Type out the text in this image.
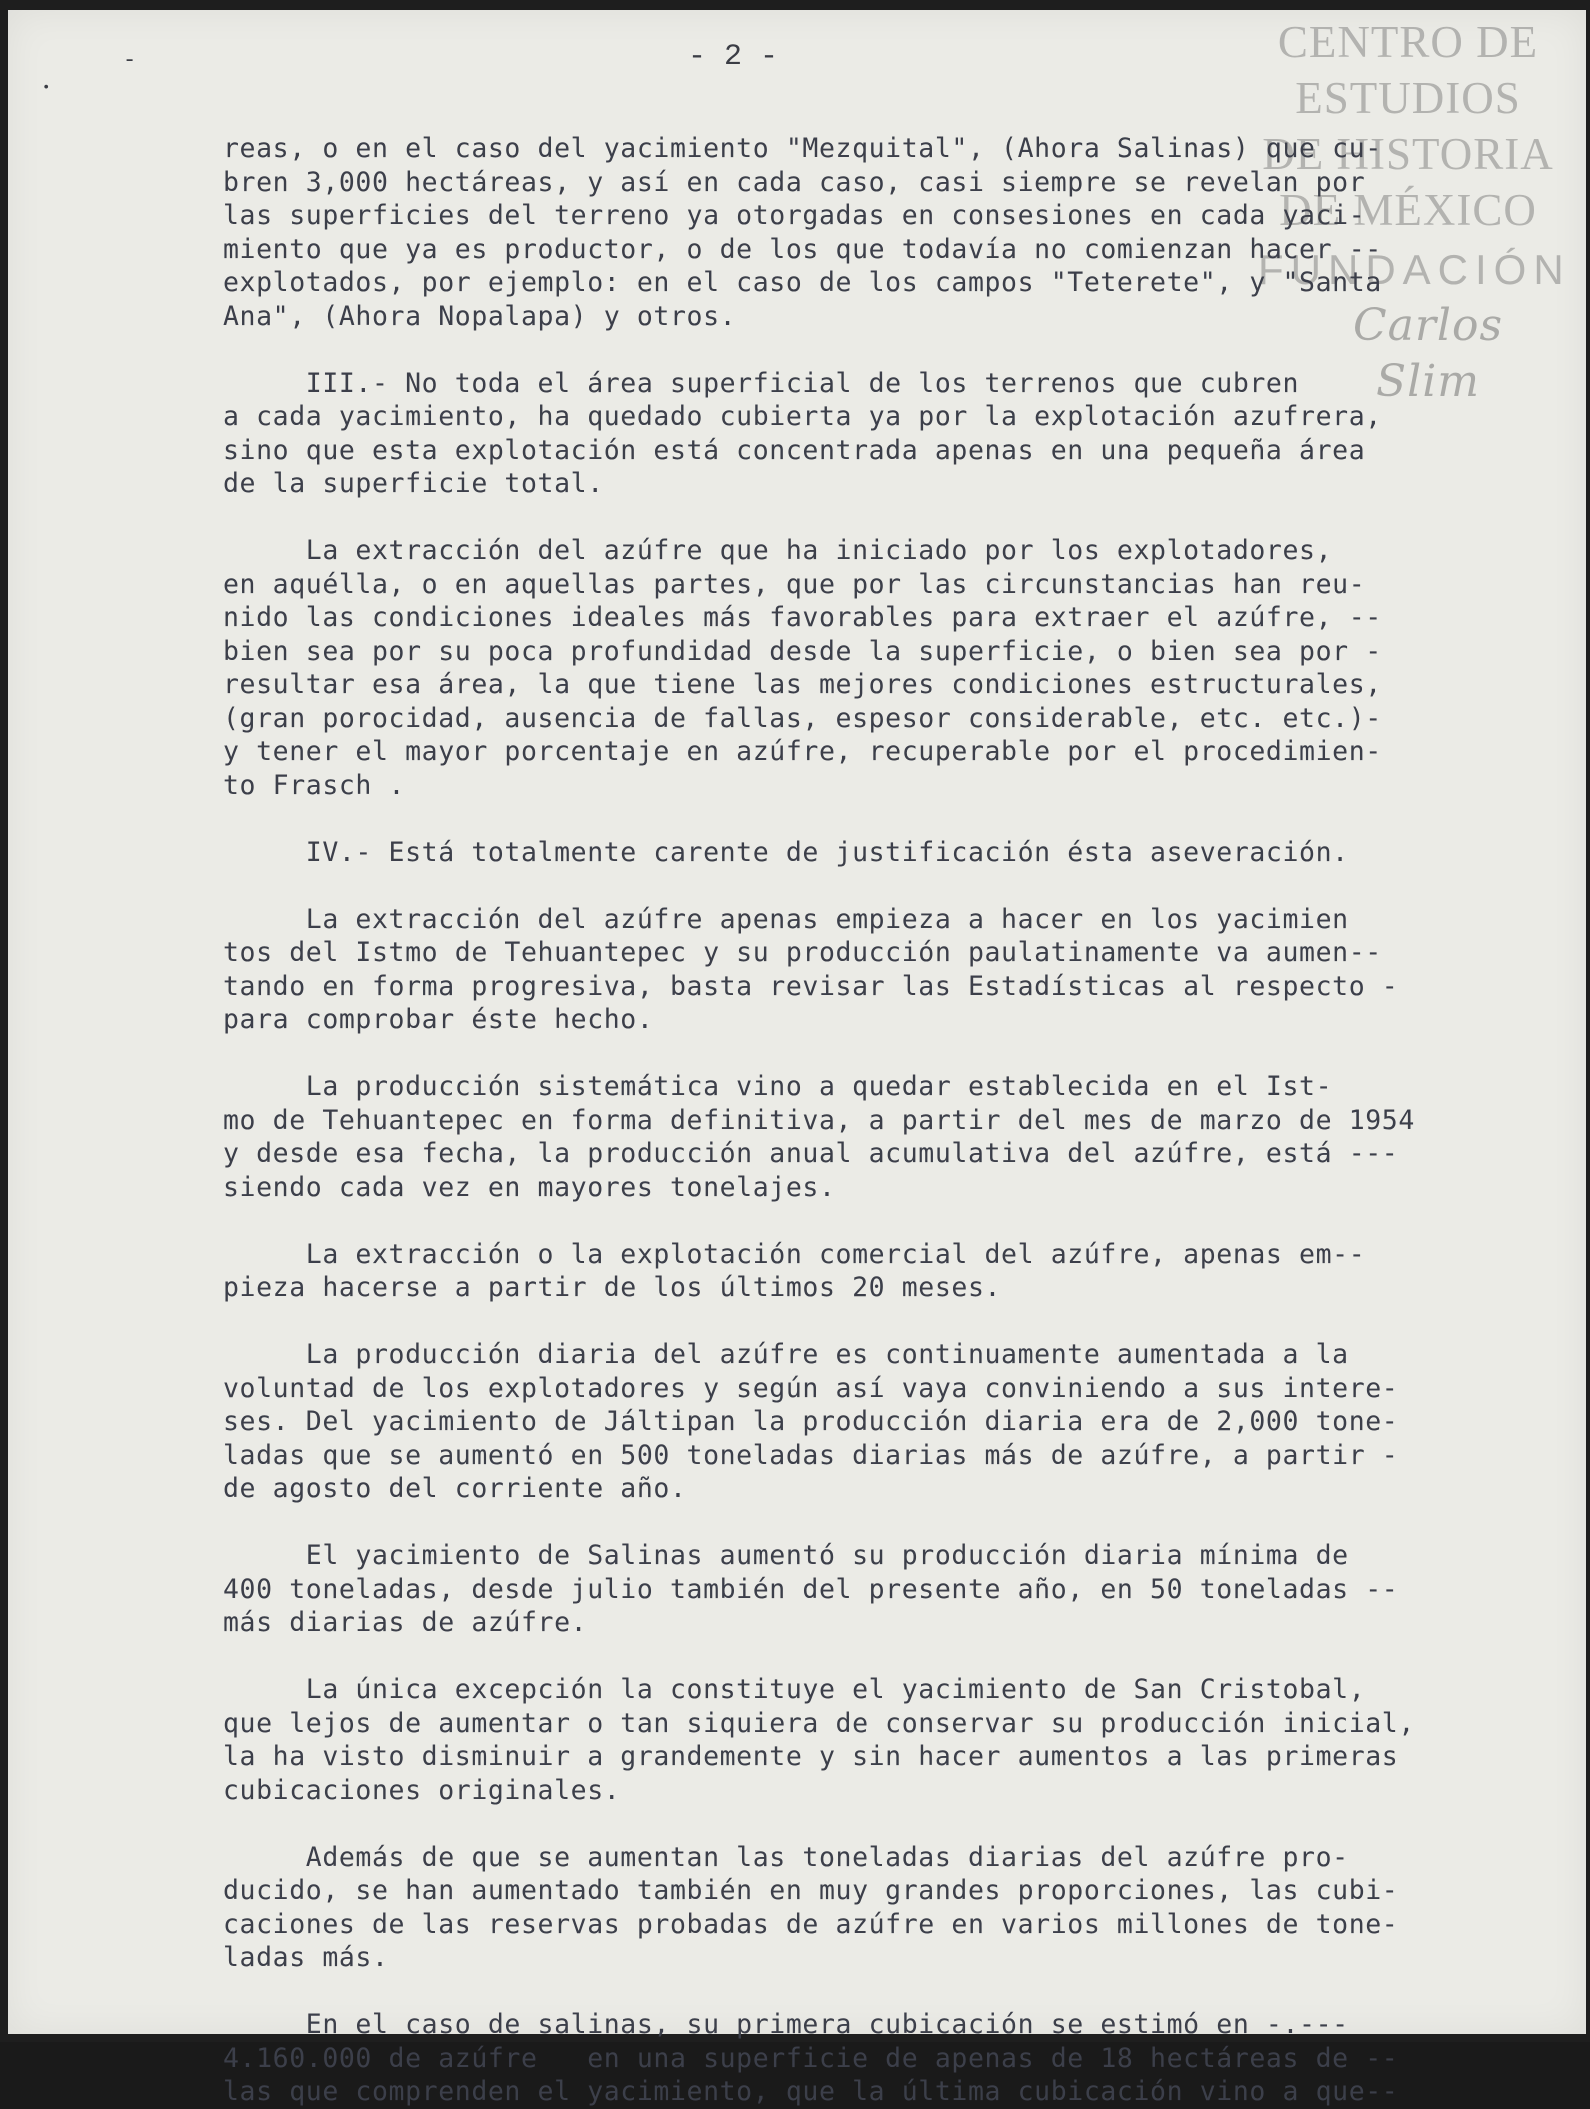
CENTRO DE
ESTUDIOS
DE HISTORIA
DE MÉXICO
FUNDACIÓN
Carlos Slim
-
•
- 2 -
reas, o en el caso del yacimiento "Mezquital", (Ahora Salinas) que cu-
bren 3,000 hectáreas, y así en cada caso, casi siempre se revelan por
las superficies del terreno ya otorgadas en consesiones en cada yaci-
miento que ya es productor, o de los que todavía no comienzan hacer --
explotados, por ejemplo: en el caso de los campos "Teterete", y "Santa
Ana", (Ahora Nopalapa) y otros.
III.- No toda el área superficial de los terrenos que cubren
a cada yacimiento, ha quedado cubierta ya por la explotación azufrera,
sino que esta explotación está concentrada apenas en una pequeña área
de la superficie total.
La extracción del azúfre que ha iniciado por los explotadores,
en aquélla, o en aquellas partes, que por las circunstancias han reu-
nido las condiciones ideales más favorables para extraer el azúfre, --
bien sea por su poca profundidad desde la superficie, o bien sea por -
resultar esa área, la que tiene las mejores condiciones estructurales,
(gran porocidad, ausencia de fallas, espesor considerable, etc. etc.)-
y tener el mayor porcentaje en azúfre, recuperable por el procedimien-
to Frasch .
IV.- Está totalmente carente de justificación ésta aseveración.
La extracción del azúfre apenas empieza a hacer en los yacimien
tos del Istmo de Tehuantepec y su producción paulatinamente va aumen--
tando en forma progresiva, basta revisar las Estadísticas al respecto -
para comprobar éste hecho.
La producción sistemática vino a quedar establecida en el Ist-
mo de Tehuantepec en forma definitiva, a partir del mes de marzo de 1954
y desde esa fecha, la producción anual acumulativa del azúfre, está ---
siendo cada vez en mayores tonelajes.
La extracción o la explotación comercial del azúfre, apenas em--
pieza hacerse a partir de los últimos 20 meses.
La producción diaria del azúfre es continuamente aumentada a la
voluntad de los explotadores y según así vaya conviniendo a sus intere-
ses. Del yacimiento de Jáltipan la producción diaria era de 2,000 tone-
ladas que se aumentó en 500 toneladas diarias más de azúfre, a partir -
de agosto del corriente año.
El yacimiento de Salinas aumentó su producción diaria mínima de
400 toneladas, desde julio también del presente año, en 50 toneladas --
más diarias de azúfre.
La única excepción la constituye el yacimiento de San Cristobal,
que lejos de aumentar o tan siquiera de conservar su producción inicial,
la ha visto disminuir a grandemente y sin hacer aumentos a las primeras
cubicaciones originales.
Además de que se aumentan las toneladas diarias del azúfre pro-
ducido, se han aumentado también en muy grandes proporciones, las cubi-
caciones de las reservas probadas de azúfre en varios millones de tone-
ladas más.
En el caso de salinas, su primera cubicación se estimó en -.---
4.160.000 de azúfre   en una superficie de apenas de 18 hectáreas de --
las que comprenden el yacimiento, que la última cubicación vino a que--
